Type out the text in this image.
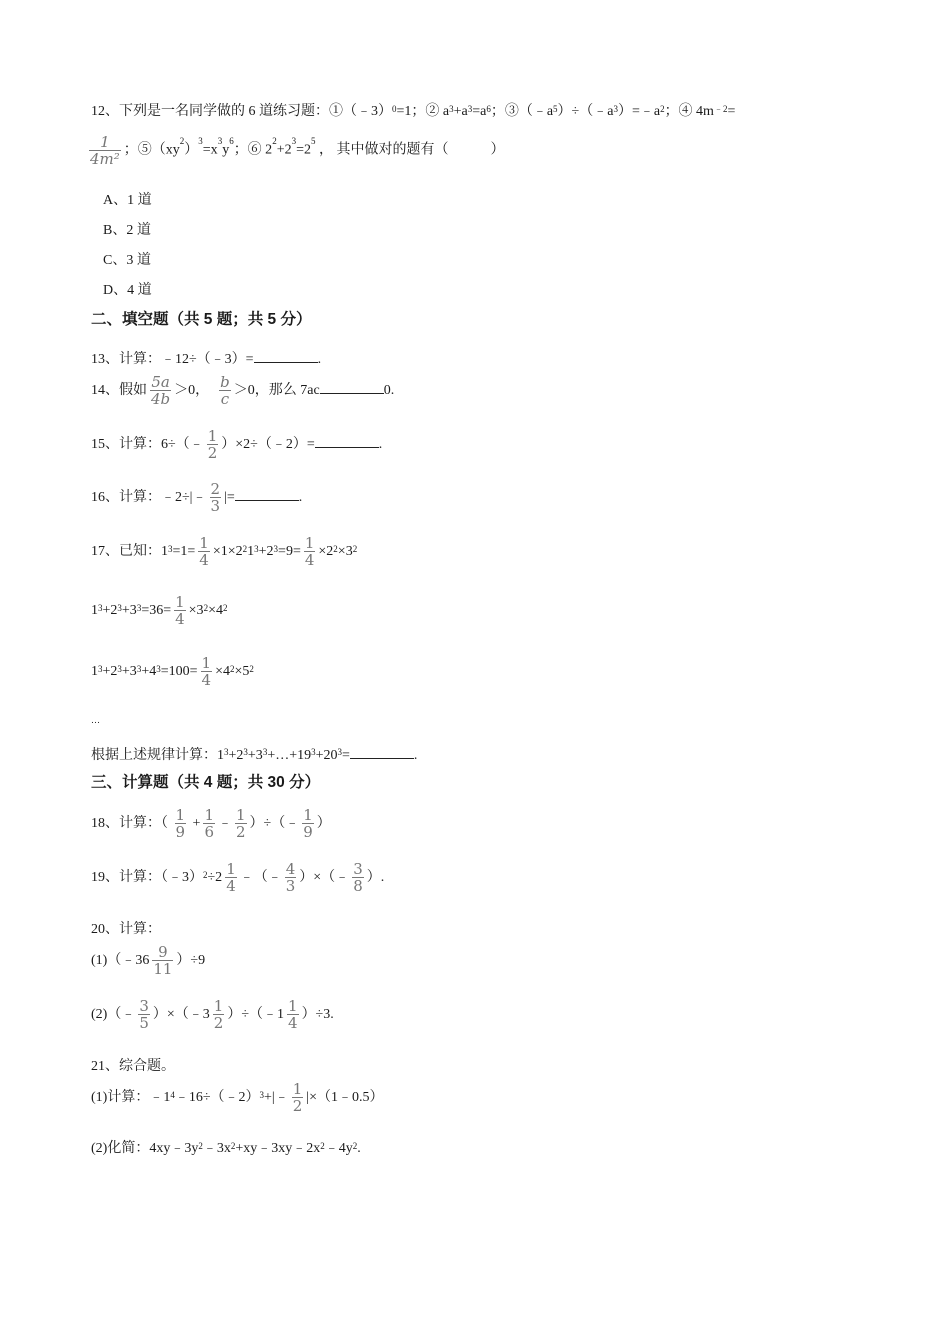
12、下列是一名同学做的 6 道练习题：①（﹣3）$^0$=1；② $a^3+a^3=a^6$；$③(﹣a^5)\div(﹣a^3)=﹣a^2$；④ $4m^{﹣2}=$
$\frac{1}{\text{4m²}}$ ；$⑤(xy^2)^3=x^3y^6$；⑥ $2^2+2^3=2^5$ ， 其中做对的题有（　　　）
A、1 道
B、2 道
C、3 道
D、4 道
二、填空题（共 5 题；共 5 分）
13、计算：﹣12÷（﹣3）=	.
14、假如 $\frac{5a}{4b} >0$， $\frac{b}{c} >0$，那么 7ac	0.
15、计算：6÷（﹣ $\frac{1}{2}$ ）×2÷（﹣2）=	.
16、计算：﹣2÷|﹣ $\frac{2}{3}$ |=	.
17、已知：$1^3=1= \frac{1}{4} \times 1\times 2^21^3+2^3=9= \frac{1}{4} \times 2^2\times 3^2$
$1^3+2^3+3^3=36= \frac{1}{4} \times 3^2\times 4^2$
$1^3+2^3+3^3+4^3=100= \frac{1}{4} \times 4^2\times 5^2$
…
根据上述规律计算：$1^3+2^3+3^3+\dots+19^3+20^3=$	.
三、计算题（共 4 题；共 30 分）
18、计算：（ $\frac{1}{9} + \frac{1}{6}$ ﹣ $\frac{1}{2}$ ）÷（﹣ $\frac{1}{9}$ ）
19、计算：（﹣3）$^2$÷2 $\frac{1}{4}$ ﹣（﹣ $\frac{4}{3}$ ）×（﹣ $\frac{3}{8}$ ）.
20、计算：
(1)（﹣36 $\frac{9}{11} )\div 9$
(2)（﹣ $\frac{3}{5}$ ）×（﹣3 $\frac{1}{2}$ ）÷（﹣1 $\frac{1}{4} )\div 3$.
21、综合题。
(1)计算：$﹣1^4﹣16\div(﹣2)^3+|﹣ \frac{1}{2}$ |×（1﹣0.5）
(2)化简：$4xy﹣3y^2﹣3x^2+xy﹣3xy﹣2x^2﹣4y^2$.
